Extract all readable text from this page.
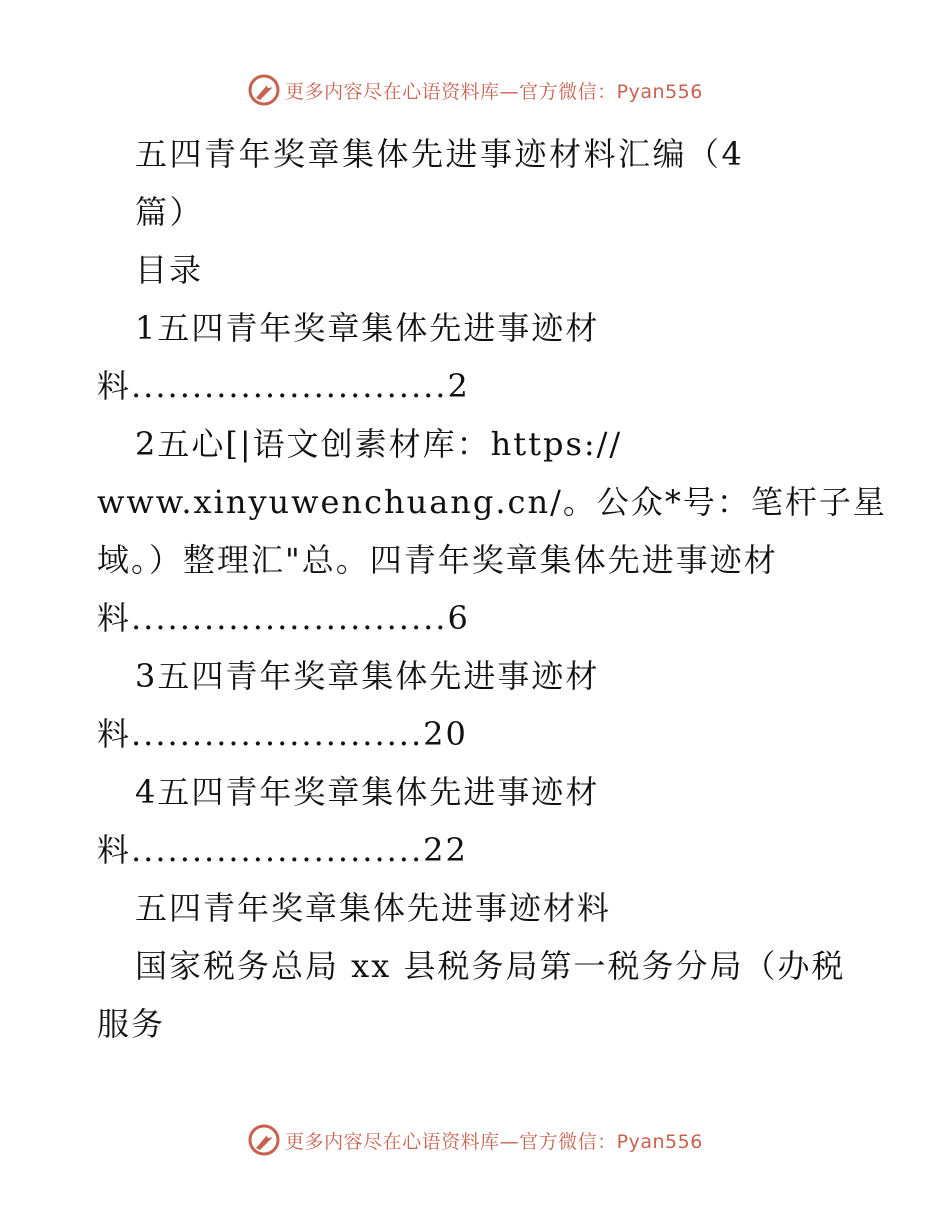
更多内容尽在心语资料库—官方微信：Pyan556
五四青年奖章集体先进事迹材料汇编（4
篇）
目录
1五四青年奖章集体先进事迹材
料..........................2
2五心[|语文创素材库：https://
www.xinyuwenchuang.cn/。公众*号：笔杆子星
域。）整理汇"总。四青年奖章集体先进事迹材
料..........................6
3五四青年奖章集体先进事迹材
料........................20
4五四青年奖章集体先进事迹材
料........................22
五四青年奖章集体先进事迹材料
国家税务总局 xx 县税务局第一税务分局（办税
服务
更多内容尽在心语资料库—官方微信：Pyan556
